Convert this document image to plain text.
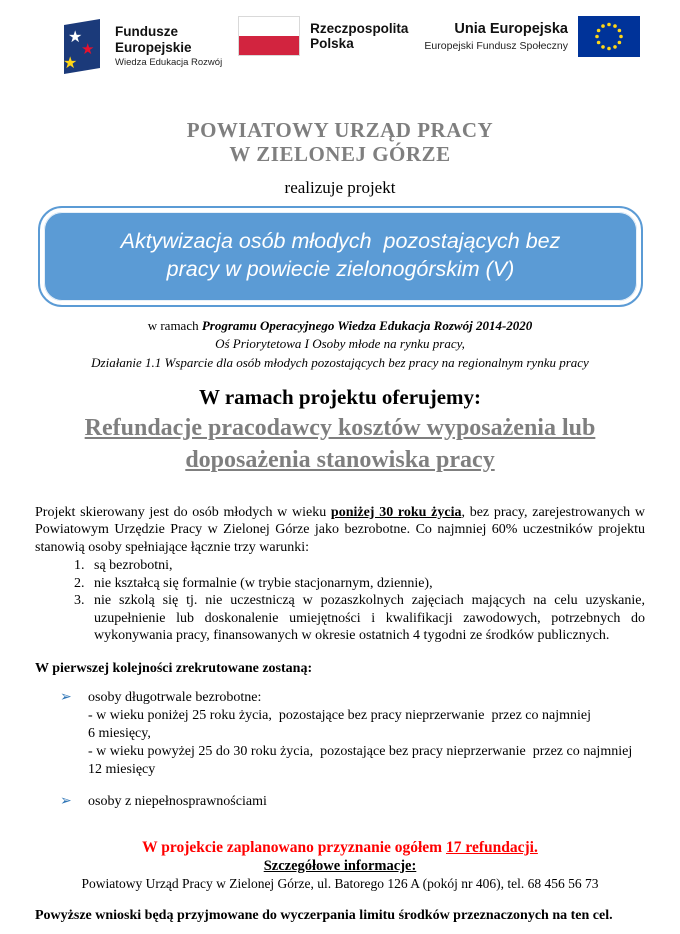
★
★
★
Fundusze
Europejskie
Wiedza Edukacja Rozwój
Rzeczpospolita
Polska
Unia Europejska
Europejski Fundusz Społeczny
POWIATOWY URZĄD PRACY
W ZIELONEJ GÓRZE
realizuje projekt
Aktywizacja osób młodych  pozostających bez
pracy w powiecie zielonogórskim (V)
w ramach Programu Operacyjnego Wiedza Edukacja Rozwój 2014-2020
Oś Priorytetowa I Osoby młode na rynku pracy,
Działanie 1.1 Wsparcie dla osób młodych pozostających bez pracy na regionalnym rynku pracy
W ramach projektu oferujemy:
Refundacje pracodawcy kosztów wyposażenia lub doposażenia stanowiska pracy
Projekt skierowany jest do osób młodych w wieku poniżej 30 roku życia, bez pracy, zarejestrowanych w Powiatowym Urzędzie Pracy w Zielonej Górze jako bezrobotne. Co najmniej 60% uczestników projektu stanowią osoby spełniające łącznie trzy warunki:
1. są bezrobotni,
2. nie kształcą się formalnie (w trybie stacjonarnym, dziennie),
3. nie szkolą się tj. nie uczestniczą w pozaszkolnych zajęciach mających na celu uzyskanie, uzupełnienie lub doskonalenie umiejętności i kwalifikacji zawodowych, potrzebnych do wykonywania pracy, finansowanych w okresie ostatnich 4 tygodni ze środków publicznych.
W pierwszej kolejności zrekrutowane zostaną:
➢	osoby długotrwale bezrobotne:
- w wieku poniżej 25 roku życia,  pozostające bez pracy nieprzerwanie  przez co najmniej
6 miesięcy,
- w wieku powyżej 25 do 30 roku życia,  pozostające bez pracy nieprzerwanie  przez co najmniej
12 miesięcy
➢	osoby z niepełnosprawnościami
W projekcie zaplanowano przyznanie ogółem 17 refundacji.
Szczegółowe informacje:
Powiatowy Urząd Pracy w Zielonej Górze, ul. Batorego 126 A (pokój nr 406), tel. 68 456 56 73
Powyższe wnioski będą przyjmowane do wyczerpania limitu środków przeznaczonych na ten cel.
